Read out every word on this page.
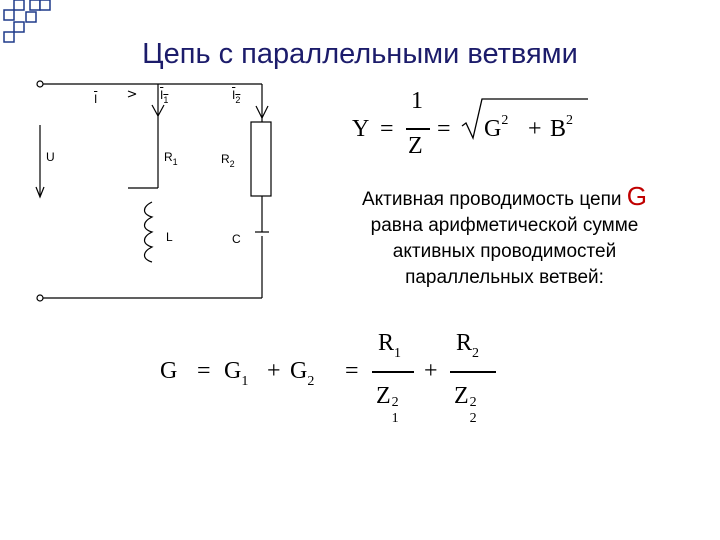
Цепь с параллельными ветвями
$\overline{I}$	$I_1$	$I_2$
U	$R_1$	$R_2$
L	C
Y =
1
Z
= $G^2 + B^2$
Активная проводимость цепи G
равна арифметической сумме активных проводимостей параллельных ветвей:
$G = G_1 + G_2$ =
$R_1$
Z 2
1
+
$R_2$
Z 2
2
